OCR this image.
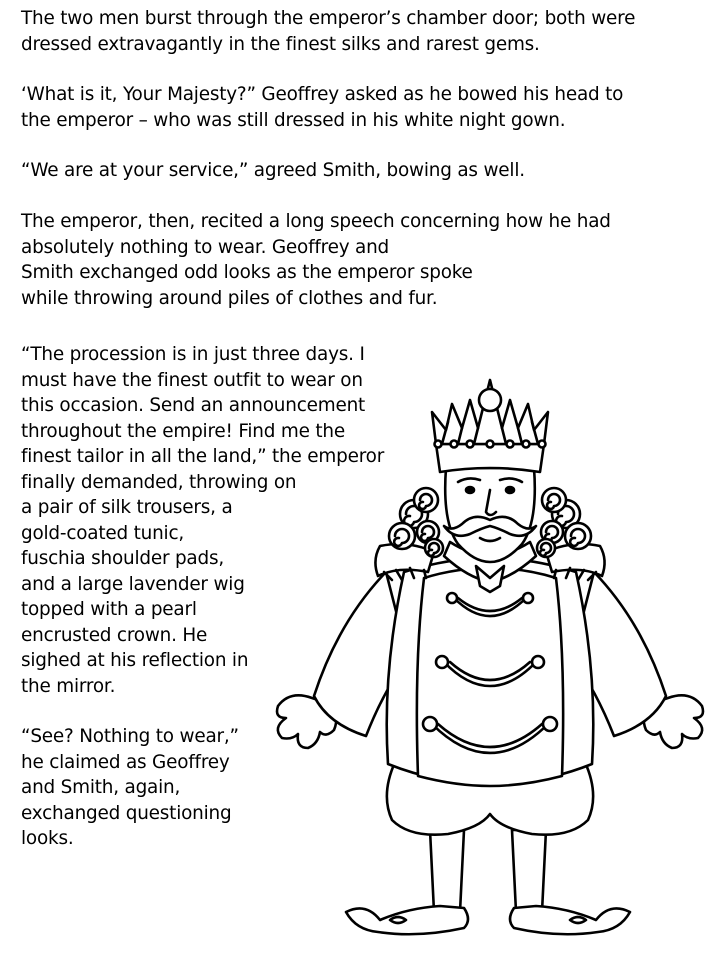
The two men burst through the emperor’s chamber door; both were
dressed extravagantly in the finest silks and rarest gems.

‘What is it, Your Majesty?” Geoffrey asked as he bowed his head to
the emperor – who was still dressed in his white night gown.

“We are at your service,” agreed Smith, bowing as well.

The emperor, then, recited a long speech concerning how he had
absolutely nothing to wear. Geoffrey and
Smith exchanged odd looks as the emperor spoke
while throwing around piles of clothes and fur.

“The procession is in just three days. I
must have the finest outfit to wear on
this occasion. Send an announcement
throughout the empire! Find me the
finest tailor in all the land,” the emperor
finally demanded, throwing on
a pair of silk trousers, a
gold-coated tunic,
fuschia shoulder pads,
and a large lavender wig
topped with a pearl
encrusted crown. He
sighed at his reflection in
the mirror.

“See? Nothing to wear,”
he claimed as Geoffrey
and Smith, again,
exchanged questioning
looks.
